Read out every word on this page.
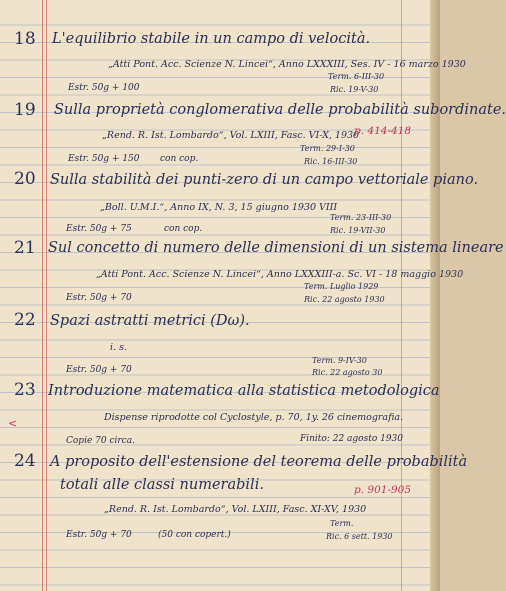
18 L'equilibrio stabile in un campo di velocità.
„Atti Pont. Acc. Scienze N. Lincei“, Anno LXXXIII, Ses. IV - 16 marzo 1930
Estr. 50g + 100
Term. 6-III-30
Ric. 19-V-30
19 Sulla proprietà conglomerativa delle probabilità subordinate.
„Rend. R. Ist. Lombardo“, Vol. LXIII, Fasc. VI-X, 1930
p. 414-418
Estr. 50g + 150 con cop.
Term. 29-I-30
Ric. 16-III-30
20 Sulla stabilità dei punti-zero di un campo vettoriale piano.
„Boll. U.M.I.“, Anno IX, N. 3, 15 giugno 1930 VIII
Estr. 50g + 75	con cop.
Term. 23-III-30
Ric. 19-VII-30
21 Sul concetto di numero delle dimensioni di un sistema lineare
„Atti Pont. Acc. Scienze N. Lincei“, Anno LXXXIII-a. Sc. VI - 18 maggio 1930
Estr. 50g + 70
Term. Luglio 1929
Ric. 22 agosto 1930
22 Spazi astratti metrici (Dω).
i. s.
Estr. 50g + 70
Term. 9-IV-30
Ric. 22 agosto 30
23 Introduzione matematica alla statistica metodologica
<	Dispense riprodotte col Cyclostyle, p. 70, 1y. 26 cinemografia.
Copie 70 circa.	Finito: 22 agosto 1930
24 A proposito dell'estensione del teorema delle probabilità
totali alle classi numerabili.	p. 901-905
„Rend. R. Ist. Lombardo“, Vol. LXIII, Fasc. XI-XV, 1930
Estr. 50g + 70	(50 con copert.)
Term.
Ric. 6 sett. 1930
